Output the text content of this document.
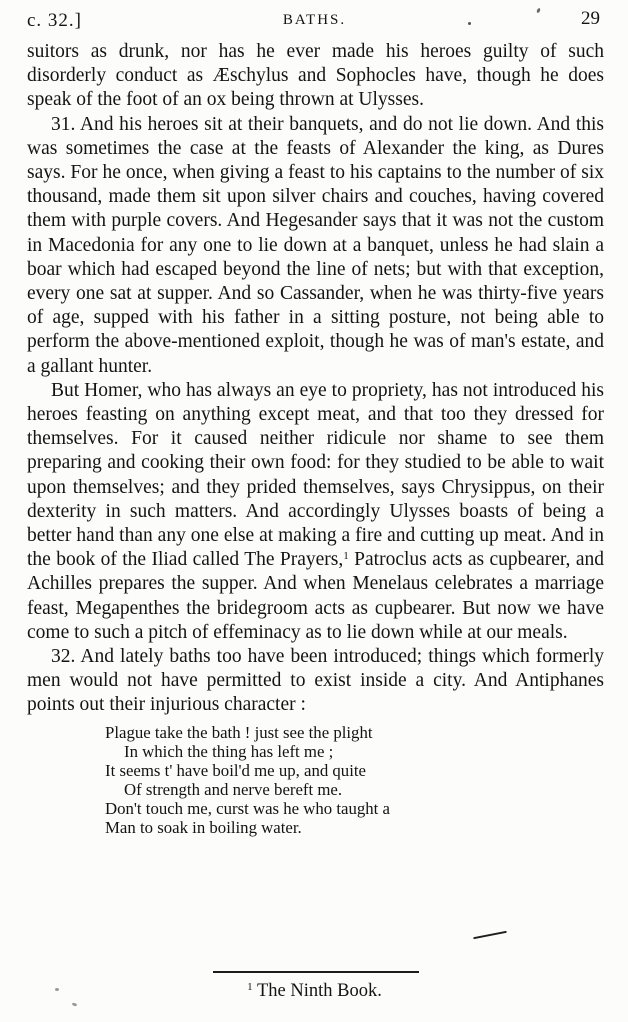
c. 32.]	BATHS.	29

suitors as drunk, nor has he ever made his heroes guilty of such disorderly conduct as Æschylus and Sophocles have, though he does speak of the foot of an ox being thrown at Ulysses.

31. And his heroes sit at their banquets, and do not lie down. And this was sometimes the case at the feasts of Alexander the king, as Dures says. For he once, when giving a feast to his captains to the number of six thousand, made them sit upon silver chairs and couches, having covered them with purple covers. And Hegesander says that it was not the custom in Macedonia for any one to lie down at a banquet, unless he had slain a boar which had escaped beyond the line of nets; but with that exception, every one sat at supper. And so Cassander, when he was thirty-five years of age, supped with his father in a sitting posture, not being able to perform the above-mentioned exploit, though he was of man's estate, and a gallant hunter.

But Homer, who has always an eye to propriety, has not introduced his heroes feasting on anything except meat, and that too they dressed for themselves. For it caused neither ridicule nor shame to see them preparing and cooking their own food: for they studied to be able to wait upon themselves; and they prided themselves, says Chrysippus, on their dexterity in such matters. And accordingly Ulysses boasts of being a better hand than any one else at making a fire and cutting up meat. And in the book of the Iliad called The Prayers,$^1$ Patroclus acts as cupbearer, and Achilles prepares the supper. And when Menelaus celebrates a marriage feast, Megapenthes the bridegroom acts as cupbearer. But now we have come to such a pitch of effeminacy as to lie down while at our meals.

32. And lately baths too have been introduced; things which formerly men would not have permitted to exist inside a city. And Antiphanes points out their injurious character :

Plague take the bath ! just see the plight
In which the thing has left me ;
It seems t' have boil'd me up, and quite
Of strength and nerve bereft me.
Don't touch me, curst was he who taught a
Man to soak in boiling water.
$^1$ The Ninth Book.
